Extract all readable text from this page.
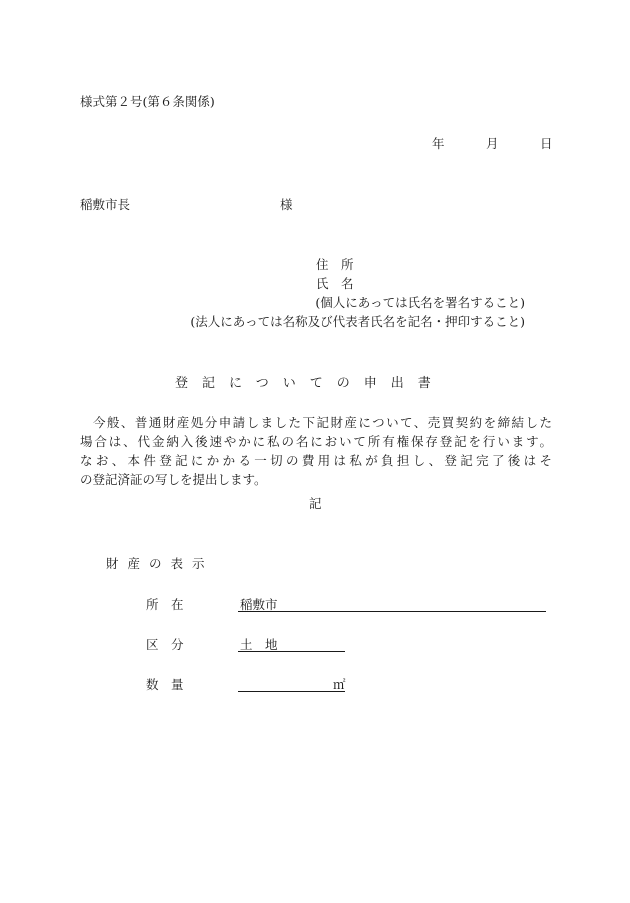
様式第２号(第６条関係)
年	月	日
稲敷市長	様
住　所
氏　名
(個人にあっては氏名を署名すること)
(法人にあっては名称及び代表者氏名を記名・押印すること)
登記についての申出書

今般、普通財産処分申請しました下記財産について、売買契約を締結した

場合は、代金納入後速やかに私の名において所有権保存登記を行います。

なお、本件登記にかかる一切の費用は私が負担し、登記完了後はそ

の登記済証の写しを提出します。

記
財産の表示
所　在	稲敷市
区　分	土　地
数　量	㎡
